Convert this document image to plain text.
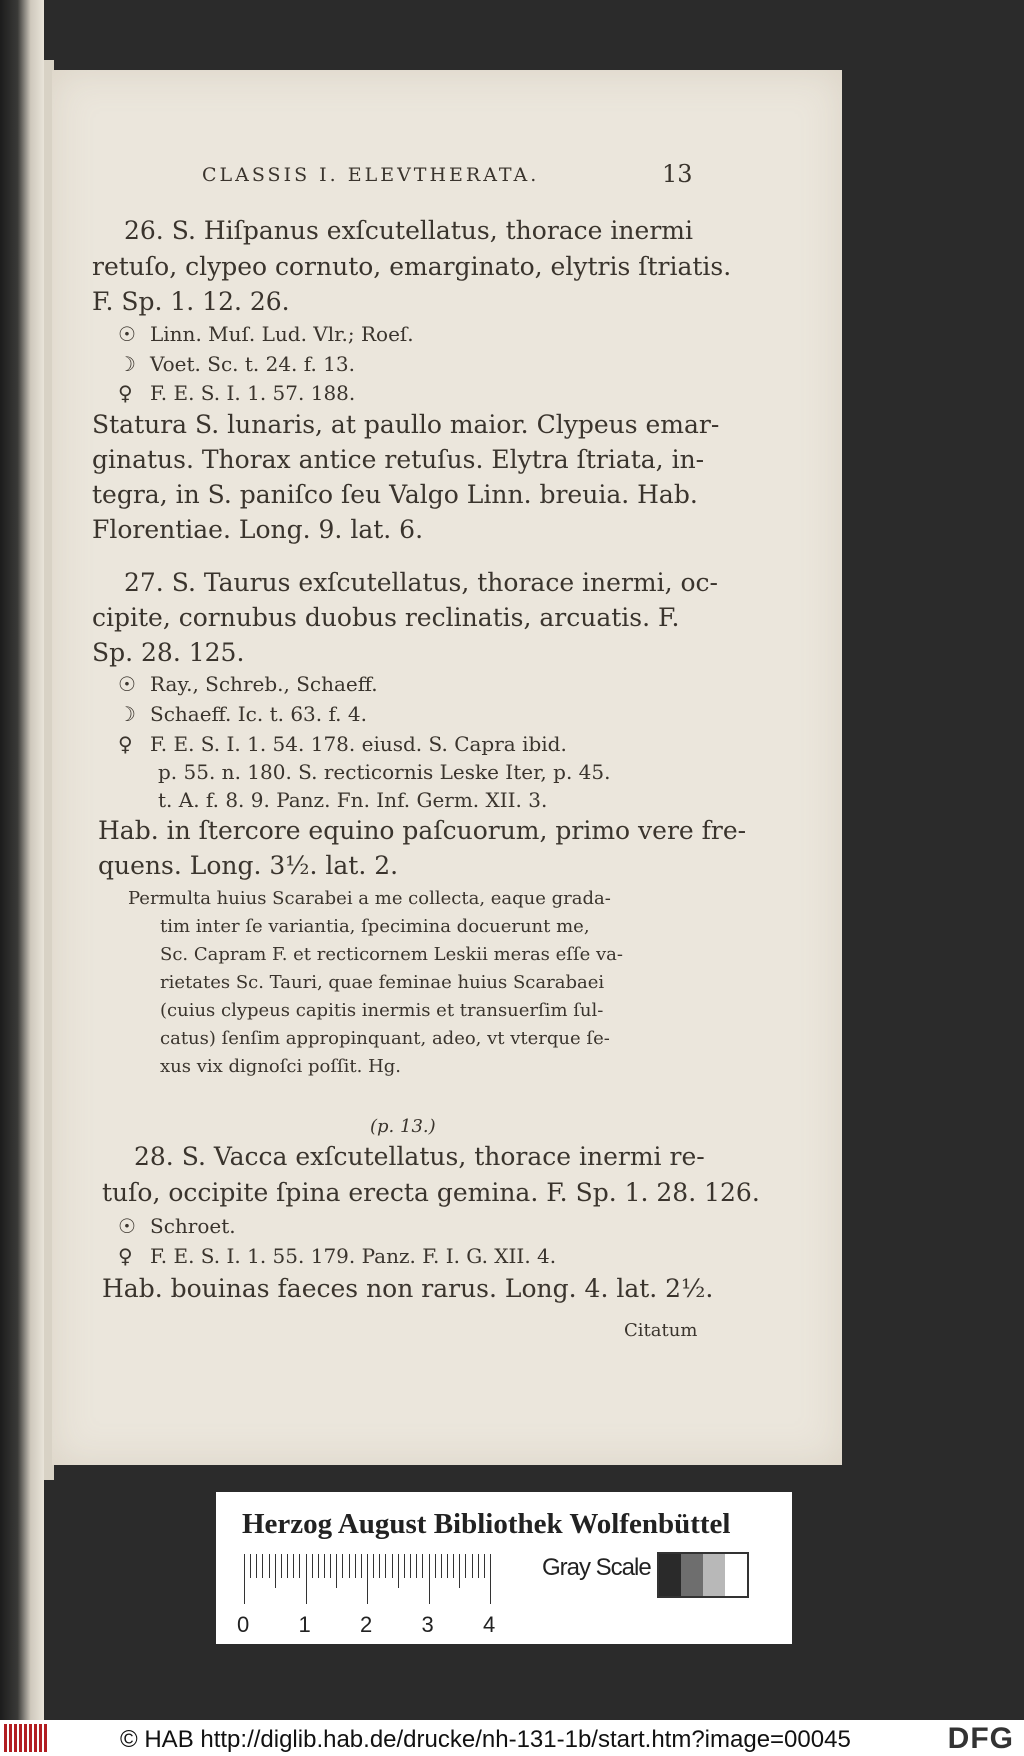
CLASSIS I. ELEVTHERATA.	13
26. S. Hiſpanus exſcutellatus, thorace inermi
retuſo, clypeo cornuto, emarginato, elytris ſtriatis.
F. Sp. 1. 12. 26.
☉ Linn. Muſ. Lud. Vlr.; Roeſ.
☽ Voet. Sc. t. 24. f. 13.
♀ F. E. S. I. 1. 57. 188.
Statura S. lunaris, at paullo maior. Clypeus emar-
ginatus. Thorax antice retuſus. Elytra ſtriata, in-
tegra, in S. paniſco ſeu Valgo Linn. breuia. Hab.
Florentiae. Long. 9. lat. 6.
27. S. Taurus exſcutellatus, thorace inermi, oc-
cipite, cornubus duobus reclinatis, arcuatis. F.
Sp. 28. 125.
☉ Ray., Schreb., Schaeff.
☽ Schaeff. Ic. t. 63. f. 4.
♀ F. E. S. I. 1. 54. 178. eiusd. S. Capra ibid.
p. 55. n. 180. S. recticornis Leske Iter, p. 45.
t. A. f. 8. 9. Panz. Fn. Inf. Germ. XII. 3.
Hab. in ſtercore equino paſcuorum, primo vere fre-
quens. Long. 3½. lat. 2.
Permulta huius Scarabei a me collecta, eaque grada-
tim inter ſe variantia, ſpecimina docuerunt me,
Sc. Capram F. et recticornem Leskii meras eſſe va-
rietates Sc. Tauri, quae feminae huius Scarabaei
(cuius clypeus capitis inermis et transuerſim ſul-
catus) ſenſim appropinquant, adeo, vt vterque ſe-
xus vix dignoſci poſſit. Hg.
(p. 13.)
28. S. Vacca exſcutellatus, thorace inermi re-
tuſo, occipite ſpina erecta gemina. F. Sp. 1. 28. 126.
☉ Schroet.
♀ F. E. S. I. 1. 55. 179. Panz. F. I. G. XII. 4.
Hab. bouinas faeces non rarus. Long. 4. lat. 2½.
Citatum
Herzog August Bibliothek Wolfenbüttel
0 1 2 3 4
Gray Scale
© HAB http://diglib.hab.de/drucke/nh-131-1b/start.htm?image=00045	DFG
